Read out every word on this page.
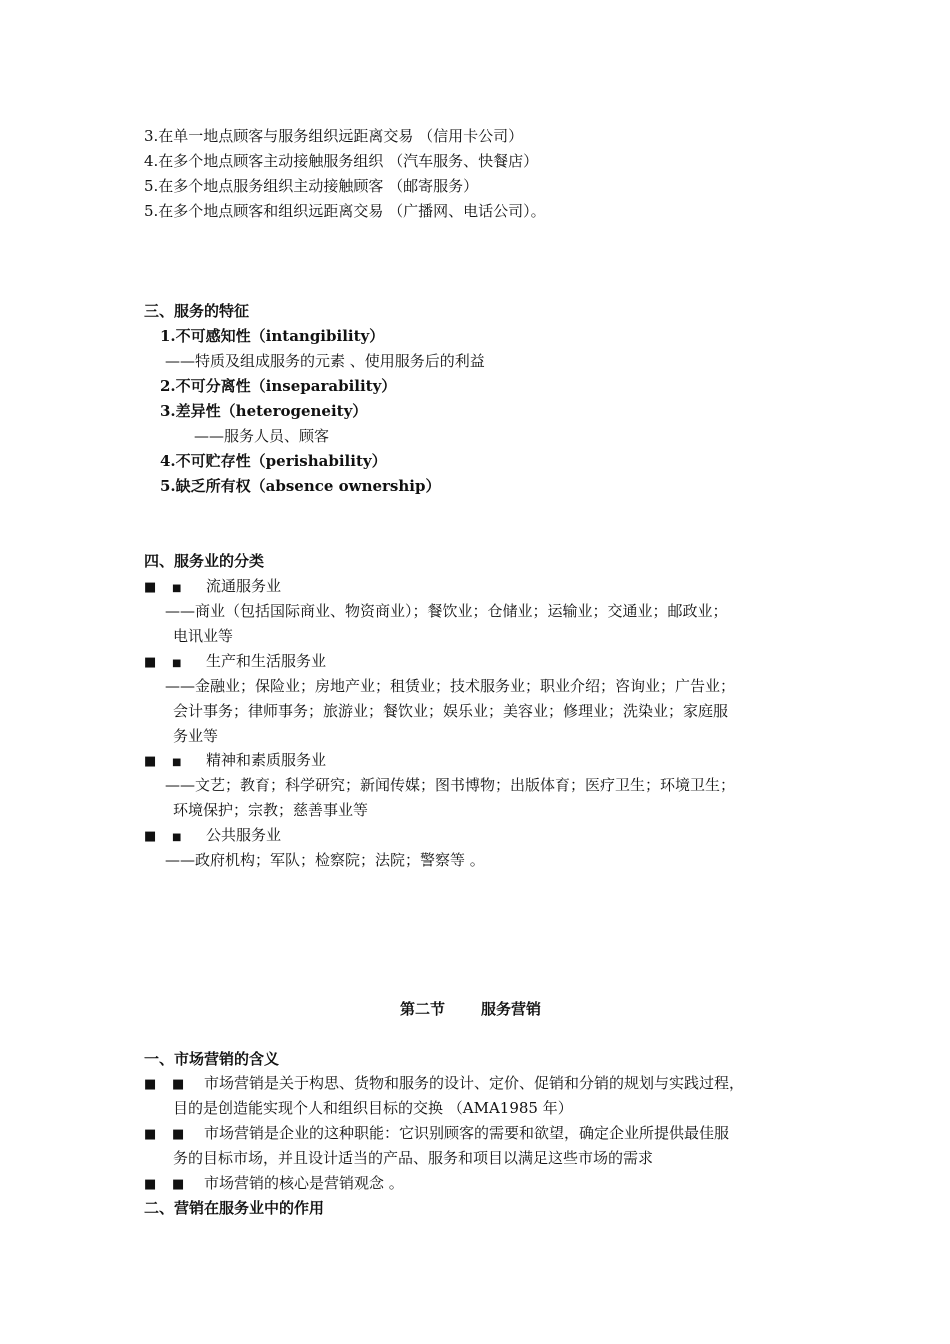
3.在单一地点顾客与服务组织远距离交易 （信用卡公司）
4.在多个地点顾客主动接触服务组织 （汽车服务、快餐店）
5.在多个地点服务组织主动接触顾客 （邮寄服务）
5.在多个地点顾客和组织远距离交易 （广播网、电话公司）。
三、服务的特征
1.不可感知性（intangibility）
——特质及组成服务的元素 、使用服务后的利益
2.不可分离性（inseparability）
3.差异性（heterogeneity）
——服务人员、顾客
4.不可贮存性（perishability）
5.缺乏所有权（absence ownership）
四、服务业的分类
■ ■ 流通服务业
——商业（包括国际商业、物资商业）；餐饮业；仓储业；运输业；交通业；邮政业；
电讯业等
■ ■ 生产和生活服务业
——金融业；保险业；房地产业；租赁业；技术服务业；职业介绍；咨询业；广告业；
会计事务；律师事务；旅游业；餐饮业；娱乐业；美容业；修理业；洗染业；家庭服
务业等
■ ■ 精神和素质服务业
——文艺；教育；科学研究；新闻传媒；图书博物；出版体育；医疗卫生；环境卫生；
环境保护；宗教；慈善事业等
■ ■ 公共服务业
——政府机构；军队；检察院；法院；警察等 。
第二节 服务营销
一、市场营销的含义
■ ■ 市场营销是关于构思、货物和服务的设计、定价、促销和分销的规划与实践过程，
目的是创造能实现个人和组织目标的交换 （AMA1985 年）
■ ■ 市场营销是企业的这种职能：它识别顾客的需要和欲望，确定企业所提供最佳服
务的目标市场，并且设计适当的产品、服务和项目以满足这些市场的需求
■ ■ 市场营销的核心是营销观念 。
二、营销在服务业中的作用
